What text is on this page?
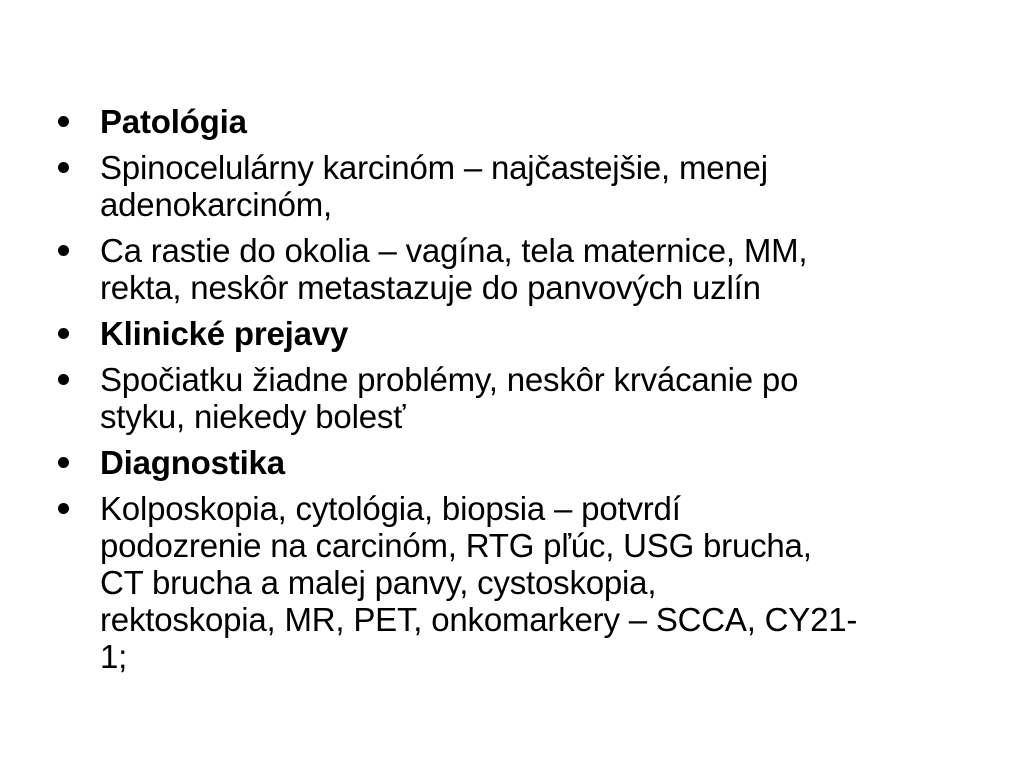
Patológia
Spinocelulárny karcinóm – najčastejšie, menej
adenokarcinóm,
Ca rastie do okolia – vagína, tela maternice, MM,
rekta, neskôr metastazuje do panvových uzlín
Klinické prejavy
Spočiatku žiadne problémy, neskôr krvácanie po
styku, niekedy bolesť
Diagnostika
Kolposkopia, cytológia, biopsia – potvrdí
podozrenie na carcinóm, RTG pľúc, USG brucha,
CT brucha a malej panvy, cystoskopia,
rektoskopia, MR, PET, onkomarkery – SCCA, CY21-
1;
